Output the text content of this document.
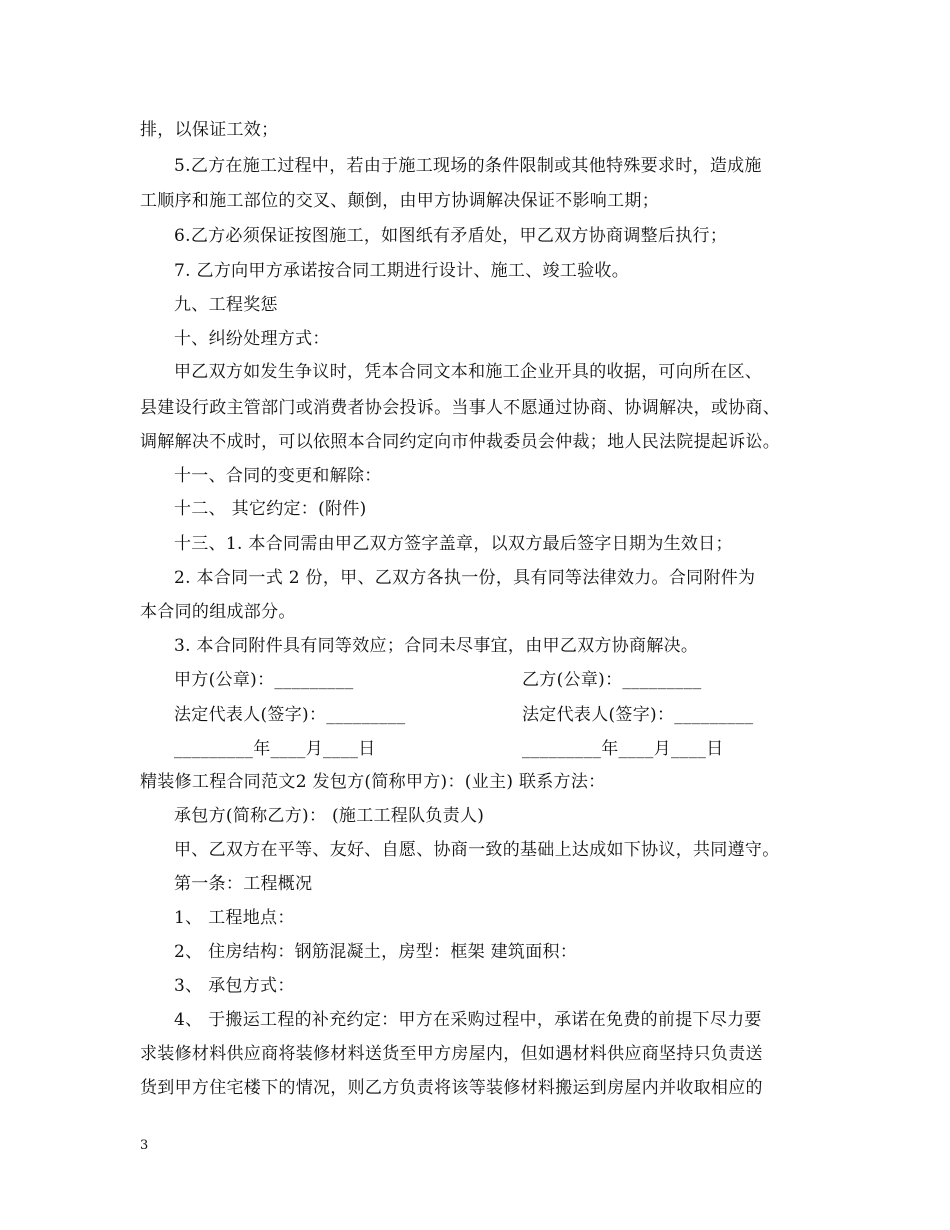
排，以保证工效；
5.乙方在施工过程中，若由于施工现场的条件限制或其他特殊要求时，造成施
工顺序和施工部位的交叉、颠倒，由甲方协调解决保证不影响工期；
6.乙方必须保证按图施工，如图纸有矛盾处，甲乙双方协商调整后执行；
7. 乙方向甲方承诺按合同工期进行设计、施工、竣工验收。
九、工程奖惩
十、纠纷处理方式：
甲乙双方如发生争议时，凭本合同文本和施工企业开具的收据，可向所在区、
县建设行政主管部门或消费者协会投诉。当事人不愿通过协商、协调解决，或协商、
调解解决不成时，可以依照本合同约定向市仲裁委员会仲裁；地人民法院提起诉讼。
十一、合同的变更和解除：
十二、 其它约定：(附件)
十三、1. 本合同需由甲乙双方签字盖章，以双方最后签字日期为生效日；
2. 本合同一式 2 份，甲、乙双方各执一份，具有同等法律效力。合同附件为
本合同的组成部分。
3. 本合同附件具有同等效应；合同未尽事宜，由甲乙双方协商解决。
甲方(公章)：_________	乙方(公章)：_________
法定代表人(签字)：_________	法定代表人(签字)：_________
_________年____月____日	_________年____月____日
精装修工程合同范文2 发包方(简称甲方)：(业主) 联系方法：
承包方(简称乙方)： (施工工程队负责人)
甲、乙双方在平等、友好、自愿、协商一致的基础上达成如下协议，共同遵守。
第一条：工程概况
1、 工程地点：
2、 住房结构：钢筋混凝土，房型：框架 建筑面积：
3、 承包方式：
4、 于搬运工程的补充约定：甲方在采购过程中，承诺在免费的前提下尽力要
求装修材料供应商将装修材料送货至甲方房屋内，但如遇材料供应商坚持只负责送
货到甲方住宅楼下的情况，则乙方负责将该等装修材料搬运到房屋内并收取相应的
3
